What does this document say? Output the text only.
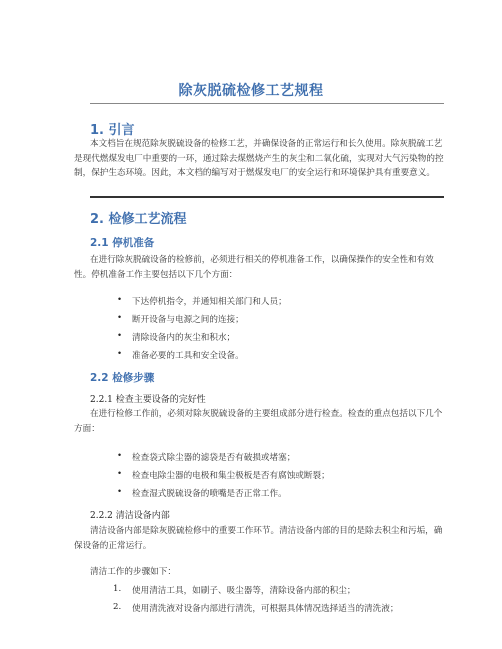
除灰脱硫检修工艺规程
1. 引言

本文档旨在规范除灰脱硫设备的检修工艺，并确保设备的正常运行和长久使用。除灰脱硫工艺是现代燃煤发电厂中重要的一环，通过除去煤燃烧产生的灰尘和二氧化硫，实现对大气污染物的控制，保护生态环境。因此，本文档的编写对于燃煤发电厂的安全运行和环境保护具有重要意义。

2. 检修工艺流程
2.1 停机准备

在进行除灰脱硫设备的检修前，必须进行相关的停机准备工作，以确保操作的安全性和有效性。停机准备工作主要包括以下几个方面：

• 下达停机指令，并通知相关部门和人员；
• 断开设备与电源之间的连接；
• 清除设备内的灰尘和积水；
• 准备必要的工具和安全设备。
2.2 检修步骤
2.2.1 检查主要设备的完好性

在进行检修工作前，必须对除灰脱硫设备的主要组成部分进行检查。检查的重点包括以下几个方面：

• 检查袋式除尘器的滤袋是否有破损或堵塞；
• 检查电除尘器的电极和集尘极板是否有腐蚀或断裂；
• 检查湿式脱硫设备的喷嘴是否正常工作。
2.2.2 清洁设备内部

清洁设备内部是除灰脱硫检修中的重要工作环节。清洁设备内部的目的是除去积尘和污垢，确保设备的正常运行。

清洁工作的步骤如下：
1. 使用清洁工具，如刷子、吸尘器等，清除设备内部的积尘；
2. 使用清洗液对设备内部进行清洗，可根据具体情况选择适当的清洗液；
